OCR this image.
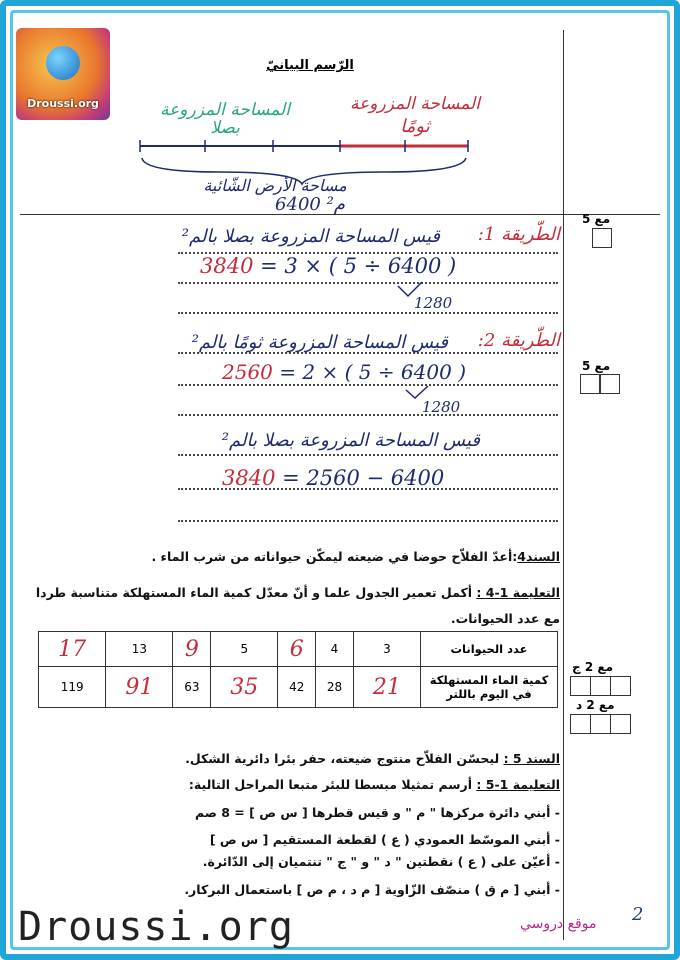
Droussi.org
الرّسم البيانيّ
المساحة المزروعة
ثومًا
المساحة المزروعة
بصلا
مساحة الأرض الشّائية
6400 م²
مع 5
مع 5
الطّريقة 1:
قيس المساحة المزروعة بصلا بالم²
3840 = 3 × ( 5 ÷ 6400 )
1280
الطّريقة 2:
قيس المساحة المزروعة ثومًا بالم²
2560 = 2 × ( 5 ÷ 6400 )
1280
قيس المساحة المزروعة بصلا بالم²
3840 = 2560 − 6400
السند4:أعدّ الفلاّح حوضا في ضيعته ليمكّن حيواناته من شرب الماء .
التعليمة 1-4 : أكمل تعمير الجدول علما و أنّ معدّل كمية الماء المستهلكة متناسبة طردا
مع عدد الحيوانات.
عدد الحيوانات	3	4	6	5	9	13	17
كمية الماء المستهلكة في اليوم باللتر	21	28	42	35	63	91	119
مع 2 ج
مع 2 د
السند 5 : ليحسّن الفلاّح منتوج ضيعته، حفر بئرا دائرية الشكل.
التعليمة 1-5 : أرسم تمثيلا مبسطا للبئر متبعا المراحل التالية:
- أبني دائرة مركزها " م " و قيس قطرها [ س ص ] = 8 صم
- أبني الموسّط العمودي ( ع ) لقطعة المستقيم [ س ص ]
- أعيّن على ( ع ) نقطتين " د " و " ج " تنتميان إلى الدّائرة.
- أبني [ م ق ) منصّف الزّاوية [ م د ، م ص ] باستعمال البركار.
Droussi.org	موقع دروسي 2
